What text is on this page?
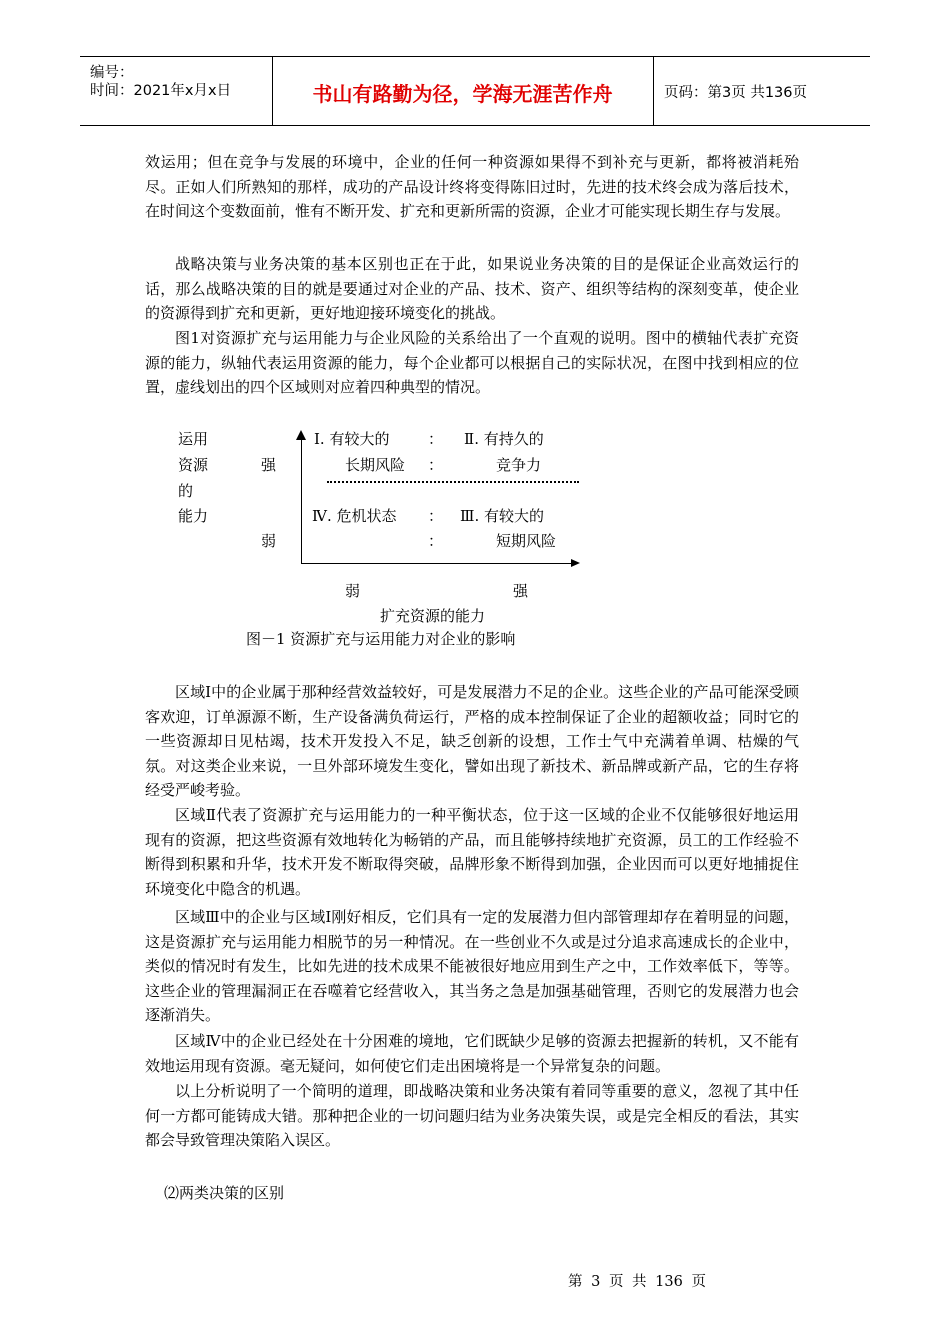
编号：
时间：2021年x月x日	书山有路勤为径，学海无涯苦作舟	页码：第3页 共136页
效运用；但在竞争与发展的环境中，企业的任何一种资源如果得不到补充与更新，都将被消耗殆尽。正如人们所熟知的那样，成功的产品设计终将变得陈旧过时，先进的技术终会成为落后技术，在时间这个变数面前，惟有不断开发、扩充和更新所需的资源，企业才可能实现长期生存与发展。
战略决策与业务决策的基本区别也正在于此，如果说业务决策的目的是保证企业高效运行的话，那么战略决策的目的就是要通过对企业的产品、技术、资产、组织等结构的深刻变革，使企业的资源得到扩充和更新，更好地迎接环境变化的挑战。
图1对资源扩充与运用能力与企业风险的关系给出了一个直观的说明。图中的横轴代表扩充资源的能力，纵轴代表运用资源的能力，每个企业都可以根据自己的实际状况，在图中找到相应的位置，虚线划出的四个区域则对应着四种典型的情况。
运用
资源
的
能力
强
弱
Ⅰ. 有较大的
长期风险
Ⅱ. 有持久的
竞争力
Ⅳ. 危机状态	Ⅲ. 有较大的
短期风险
：
：
：
：
弱	强
扩充资源的能力
图－1 资源扩充与运用能力对企业的影响
区域Ⅰ中的企业属于那种经营效益较好，可是发展潜力不足的企业。这些企业的产品可能深受顾客欢迎，订单源源不断，生产设备满负荷运行，严格的成本控制保证了企业的超额收益；同时它的一些资源却日见枯竭，技术开发投入不足，缺乏创新的设想，工作士气中充满着单调、枯燥的气氛。对这类企业来说，一旦外部环境发生变化，譬如出现了新技术、新品牌或新产品，它的生存将经受严峻考验。
区域Ⅱ代表了资源扩充与运用能力的一种平衡状态，位于这一区域的企业不仅能够很好地运用现有的资源，把这些资源有效地转化为畅销的产品，而且能够持续地扩充资源，员工的工作经验不断得到积累和升华，技术开发不断取得突破，品牌形象不断得到加强，企业因而可以更好地捕捉住环境变化中隐含的机遇。
区域Ⅲ中的企业与区域Ⅰ刚好相反，它们具有一定的发展潜力但内部管理却存在着明显的问题，这是资源扩充与运用能力相脱节的另一种情况。在一些创业不久或是过分追求高速成长的企业中，类似的情况时有发生，比如先进的技术成果不能被很好地应用到生产之中，工作效率低下，等等。这些企业的管理漏洞正在吞噬着它经营收入，其当务之急是加强基础管理，否则它的发展潜力也会逐渐消失。
区域Ⅳ中的企业已经处在十分困难的境地，它们既缺少足够的资源去把握新的转机，又不能有效地运用现有资源。毫无疑问，如何使它们走出困境将是一个异常复杂的问题。
以上分析说明了一个简明的道理，即战略决策和业务决策有着同等重要的意义，忽视了其中任何一方都可能铸成大错。那种把企业的一切问题归结为业务决策失误，或是完全相反的看法，其实都会导致管理决策陷入误区。
⑵两类决策的区别
第 3 页 共 136 页
